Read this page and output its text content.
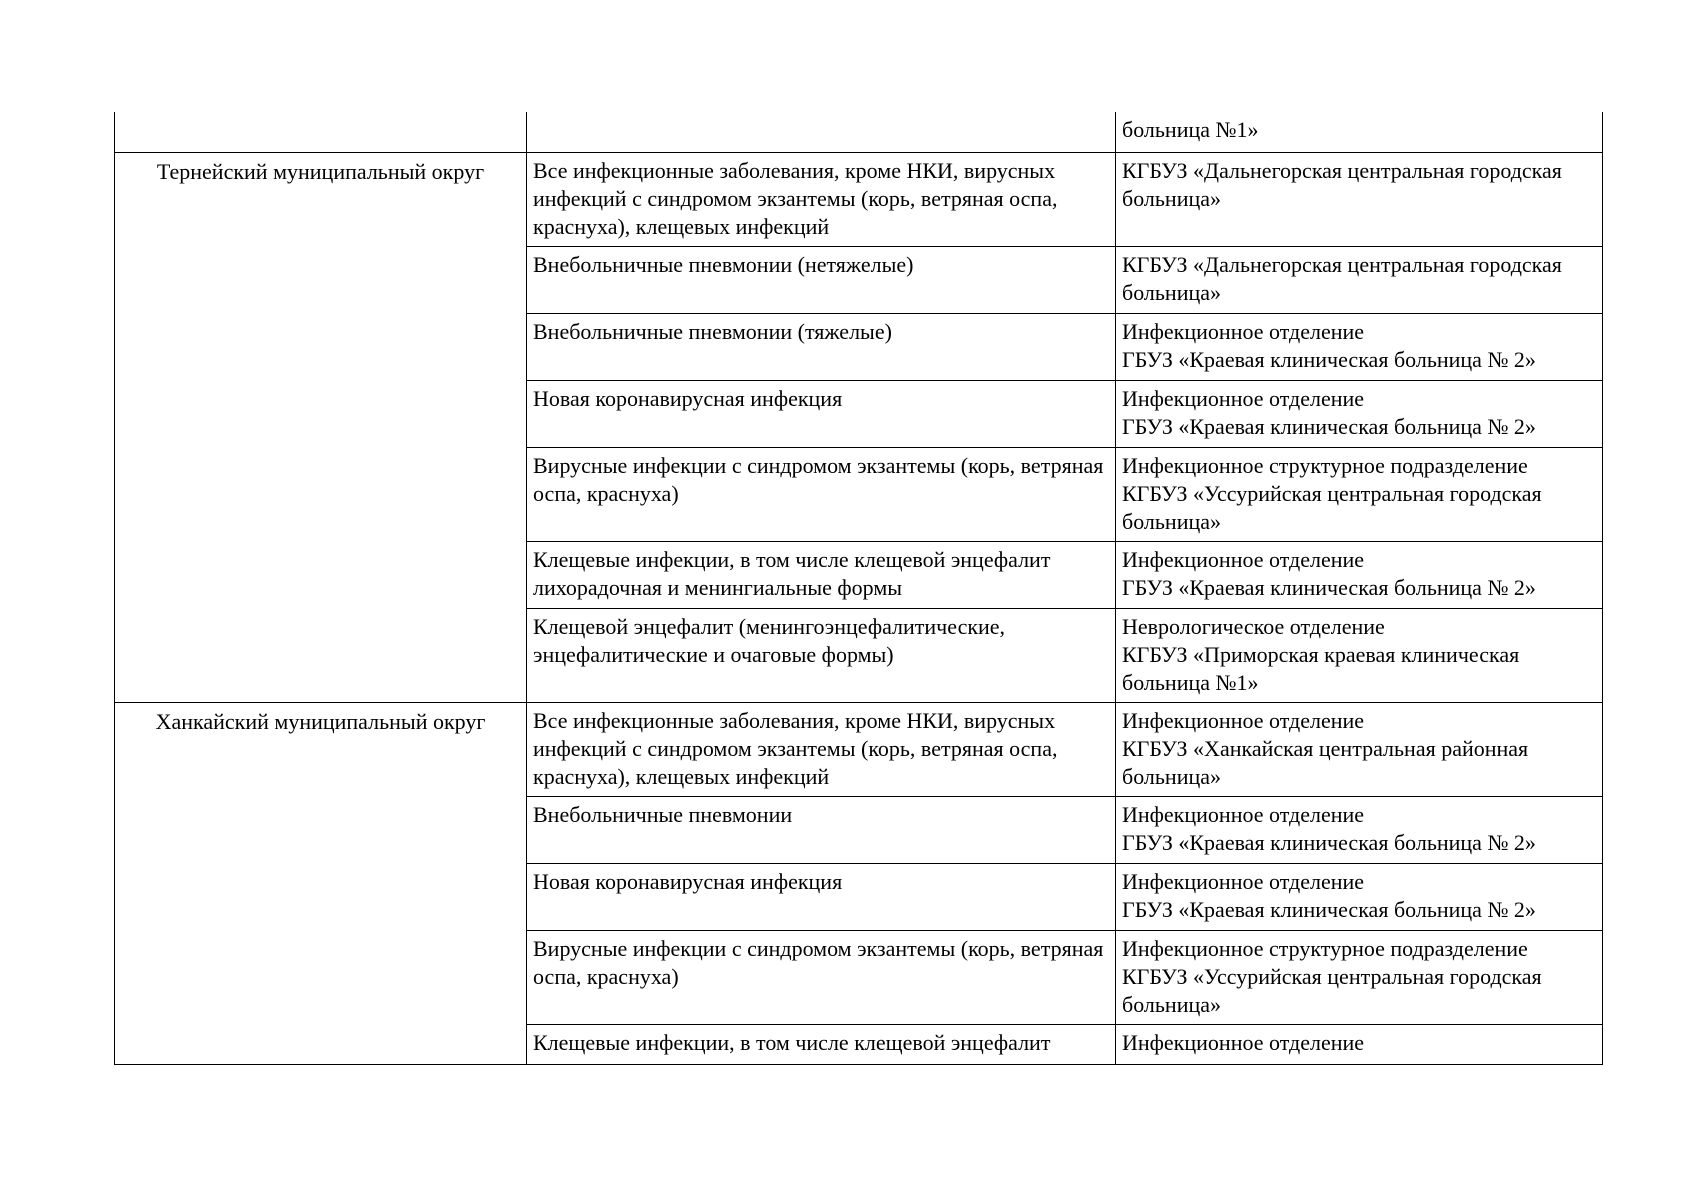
		больница №1»
Тернейский муниципальный округ	Все инфекционные заболевания, кроме НКИ, вирусных инфекций с синдромом экзантемы (корь, ветряная оспа, краснуха), клещевых инфекций	КГБУЗ «Дальнегорская центральная городская больница»
	Внебольничные пневмонии (нетяжелые)	КГБУЗ «Дальнегорская центральная городская больница»
	Внебольничные пневмонии (тяжелые)	Инфекционное отделение
ГБУЗ «Краевая клиническая больница № 2»
	Новая коронавирусная инфекция	Инфекционное отделение
ГБУЗ «Краевая клиническая больница № 2»
	Вирусные инфекции с синдромом экзантемы (корь, ветряная оспа, краснуха)	Инфекционное структурное подразделение КГБУЗ «Уссурийская центральная городская больница»
	Клещевые инфекции, в том числе клещевой энцефалит лихорадочная и менингиальные формы	Инфекционное отделение
ГБУЗ «Краевая клиническая больница № 2»
	Клещевой энцефалит (менингоэнцефалитические, энцефалитические и очаговые формы)	Неврологическое отделение
КГБУЗ «Приморская краевая клиническая больница №1»
Ханкайский муниципальный округ	Все инфекционные заболевания, кроме НКИ, вирусных инфекций с синдромом экзантемы (корь, ветряная оспа, краснуха), клещевых инфекций	Инфекционное отделение
КГБУЗ «Ханкайская центральная районная больница»
	Внебольничные пневмонии	Инфекционное отделение
ГБУЗ «Краевая клиническая больница № 2»
	Новая коронавирусная инфекция	Инфекционное отделение
ГБУЗ «Краевая клиническая больница № 2»
	Вирусные инфекции с синдромом экзантемы (корь, ветряная оспа, краснуха)	Инфекционное структурное подразделение КГБУЗ «Уссурийская центральная городская больница»
	Клещевые инфекции, в том числе клещевой энцефалит	Инфекционное отделение
